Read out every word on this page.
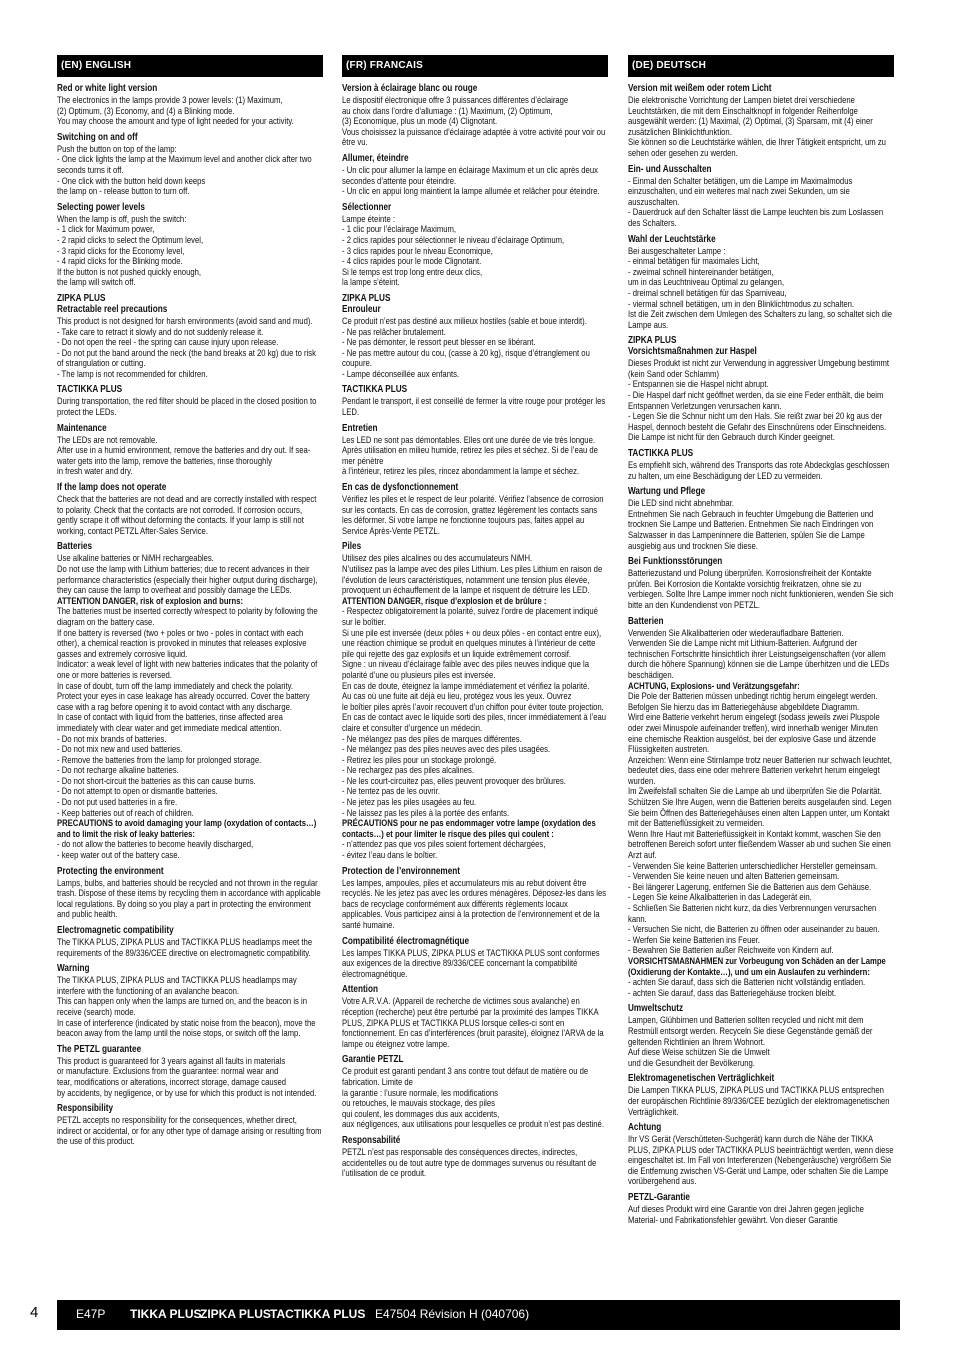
(EN) ENGLISH
Red or white light version
The electronics in the lamps provide 3 power levels: (1) Maximum,
(2) Optimum, (3) Economy, and (4) a Blinking mode.
You may choose the amount and type of light needed for your activity.
Switching on and off
Push the button on top of the lamp:
- One click lights the lamp at the Maximum level and another click after two seconds turns it off.
- One click with the button held down keeps
the lamp on - release button to turn off.
Selecting power levels
When the lamp is off, push the switch:
- 1 click for Maximum power,
- 2 rapid clicks to select the Optimum level,
- 3 rapid clicks for the Economy level,
- 4 rapid clicks for the Blinking mode.
If the button is not pushed quickly enough,
the lamp will switch off.
ZIPKA PLUS
Retractable reel precautions
This product is not designed for harsh environments (avoid sand and mud).
- Take care to retract it slowly and do not suddenly release it.
- Do not open the reel - the spring can cause injury upon release.
- Do not put the band around the neck (the band breaks at 20 kg) due to risk of strangulation or cutting.
- The lamp is not recommended for children.
TACTIKKA PLUS
During transportation, the red filter should be placed in the closed position to protect the LEDs.
Maintenance
The LEDs are not removable.
After use in a humid environment, remove the batteries and dry out. If sea-water gets into the lamp, remove the batteries, rinse thoroughly
in fresh water and dry.
If the lamp does not operate
Check that the batteries are not dead and are correctly installed with respect to polarity. Check that the contacts are not corroded. If corrosion occurs, gently scrape it off without deforming the contacts. If your lamp is still not working, contact PETZL After-Sales Service.
Batteries
Use alkaline batteries or NiMH rechargeables.
Do not use the lamp with Lithium batteries; due to recent advances in their performance characteristics (especially their higher output during discharge), they can cause the lamp to overheat and possibly damage the LEDs.
ATTENTION DANGER, risk of explosion and burns:
The batteries must be inserted correctly w/respect to polarity by following the diagram on the battery case.
If one battery is reversed (two + poles or two - poles in contact with each other), a chemical reaction is provoked in minutes that releases explosive gasses and extremely corrosive liquid.
Indicator: a weak level of light with new batteries indicates that the polarity of one or more batteries is reversed.
In case of doubt, turn off the lamp immediately and check the polarity.
Protect your eyes in case leakage has already occurred. Cover the battery case with a rag before opening it to avoid contact with any discharge.
In case of contact with liquid from the batteries, rinse affected area immediately with clear water and get immediate medical attention.
- Do not mix brands of batteries.
- Do not mix new and used batteries.
- Remove the batteries from the lamp for prolonged storage.
- Do not recharge alkaline batteries.
- Do not short-circuit the batteries as this can cause burns.
- Do not attempt to open or dismantle batteries.
- Do not put used batteries in a fire.
- Keep batteries out of reach of children.
PRECAUTIONS to avoid damaging your lamp (oxydation of contacts…) and to limit the risk of leaky batteries:
- do not allow the batteries to become heavily discharged,
- keep water out of the battery case.
Protecting the environment
Lamps, bulbs, and batteries should be recycled and not thrown in the regular trash. Dispose of these items by recycling them in accordance with applicable local regulations. By doing so you play a part in protecting the environment and public health.
Electromagnetic compatibility
The TIKKA PLUS, ZIPKA PLUS and TACTIKKA PLUS headlamps meet the requirements of the 89/336/CEE directive on electromagnetic compatibility.
Warning
The TIKKA PLUS, ZIPKA PLUS and TACTIKKA PLUS headlamps may interfere with the functioning of an avalanche beacon.
This can happen only when the lamps are turned on, and the beacon is in receive (search) mode.
In case of interference (indicated by static noise from the beacon), move the beacon away from the lamp until the noise stops, or switch off the lamp.
The PETZL guarantee
This product is guaranteed for 3 years against all faults in materials
or manufacture. Exclusions from the guarantee: normal wear and
tear, modifications or alterations, incorrect storage, damage caused
by accidents, by negligence, or by use for which this product is not intended.
Responsibility
PETZL accepts no responsibility for the consequences, whether direct, indirect or accidental, or for any other type of damage arising or resulting from the use of this product.
(FR) FRANCAIS
Version à éclairage blanc ou rouge
Le dispositif électronique offre 3 puissances différentes d’éclairage
au choix dans l’ordre d’allumage : (1) Maximum, (2) Optimum,
(3) Economique, plus un mode (4) Clignotant.
Vous choisissez la puissance d’éclairage adaptée à votre activité pour voir ou être vu.
Allumer, éteindre
- Un clic pour allumer la lampe en éclairage Maximum et un clic après deux secondes d’attente pour éteindre.
- Un clic en appui long maintient la lampe allumée et relâcher pour éteindre.
Sélectionner
Lampe éteinte :
- 1 clic pour l’éclairage Maximum,
- 2 clics rapides pour sélectionner le niveau d’éclairage Optimum,
- 3 clics rapides pour le niveau Economique,
- 4 clics rapides pour le mode Clignotant.
Si le temps est trop long entre deux clics,
la lampe s’éteint.
ZIPKA PLUS
Enrouleur
Ce produit n’est pas destiné aux milieux hostiles (sable et boue interdit).
- Ne pas relâcher brutalement.
- Ne pas démonter, le ressort peut blesser en se libérant.
- Ne pas mettre autour du cou, (casse à 20 kg), risque d’étranglement ou coupure.
- Lampe déconseillée aux enfants.
TACTIKKA PLUS
Pendant le transport, il est conseillé de fermer la vitre rouge pour protéger les LED.
Entretien
Les LED ne sont pas démontables. Elles ont une durée de vie très longue.
Après utilisation en milieu humide, retirez les piles et séchez. Si de l’eau de mer pénètre
à l’intérieur, retirez les piles, rincez abondamment la lampe et séchez.
En cas de dysfonctionnement
Vérifiez les piles et le respect de leur polarité. Vérifiez l’absence de corrosion sur les contacts. En cas de corrosion, grattez légèrement les contacts sans les déformer. Si votre lampe ne fonctionne toujours pas, faites appel au Service Après-Vente PETZL.
Piles
Utilisez des piles alcalines ou des accumulateurs NiMH.
N’utilisez pas la lampe avec des piles Lithium. Les piles Lithium en raison de l’évolution de leurs caractéristiques, notamment une tension plus élevée, provoquent un échauffement de la lampe et risquent de détruire les LED.
ATTENTION DANGER, risque d’explosion et de brûlure :
- Respectez obligatoirement la polarité, suivez l’ordre de placement indiqué sur le boîtier.
Si une pile est inversée (deux pôles + ou deux pôles - en contact entre eux), une réaction chimique se produit en quelques minutes à l’intérieur de cette pile qui rejette des gaz explosifs et un liquide extrêmement corrosif.
Signe : un niveau d’éclairage faible avec des piles neuves indique que la polarité d’une ou plusieurs piles est inversée.
En cas de doute, éteignez la lampe immédiatement et vérifiez la polarité.
Au cas où une fuite ait déjà eu lieu, protégez vous les yeux. Ouvrez
le boîtier piles après l’avoir recouvert d’un chiffon pour éviter toute projection.
En cas de contact avec le liquide sorti des piles, rincer immédiatement à l’eau claire et consulter d’urgence un médecin.
- Ne mélangez pas des piles de marques différentes.
- Ne mélangez pas des piles neuves avec des piles usagées.
- Retirez les piles pour un stockage prolongé.
- Ne rechargez pas des piles alcalines.
- Ne les court-circuitez pas, elles peuvent provoquer des brûlures.
- Ne tentez pas de les ouvrir.
- Ne jetez pas les piles usagées au feu.
- Ne laissez pas les piles à la portée des enfants.
PRÉCAUTIONS pour ne pas endommager votre lampe (oxydation des contacts…) et pour limiter le risque des piles qui coulent :
- n’attendez pas que vos piles soient fortement déchargées,
- évitez l’eau dans le boîtier.
Protection de l’environnement
Les lampes, ampoules, piles et accumulateurs mis au rebut doivent être recyclés. Ne les jetez pas avec les ordures ménagères. Déposez-les dans les bacs de recyclage conformément aux différents règlements locaux applicables. Vous participez ainsi à la protection de l’environnement et de la santé humaine.
Compatibilité électromagnétique
Les lampes TIKKA PLUS, ZIPKA PLUS et TACTIKKA PLUS sont conformes aux exigences de la directive 89/336/CEE concernant la compatibilité électromagnétique.
Attention
Votre A.R.V.A. (Appareil de recherche de victimes sous avalanche) en réception (recherche) peut être perturbé par la proximité des lampes TIKKA PLUS, ZIPKA PLUS et TACTIKKA PLUS lorsque celles-ci sont en fonctionnement. En cas d’interférences (bruit parasite), éloignez l’ARVA de la lampe ou éteignez votre lampe.
Garantie PETZL
Ce produit est garanti pendant 3 ans contre tout défaut de matière ou de fabrication. Limite de
la garantie : l’usure normale, les modifications
ou retouches, le mauvais stockage, des piles
qui coulent, les dommages dus aux accidents,
aux négligences, aux utilisations pour lesquelles ce produit n’est pas destiné.
Responsabilité
PETZL n’est pas responsable des conséquences directes, indirectes, accidentelles ou de tout autre type de dommages survenus ou résultant de l’utilisation de ce produit.
(DE) DEUTSCH
Version mit weißem oder rotem Licht
Die elektronische Vorrichtung der Lampen bietet drei verschiedene Leuchtstärken, die mit dem Einschaltknopf in folgender Reihenfolge ausgewählt werden: (1) Maximal, (2) Optimal, (3) Sparsam, mit (4) einer zusätzlichen Blinklichtfunktion.
Sie können so die Leuchtstärke wählen, die Ihrer Tätigkeit entspricht, um zu sehen oder gesehen zu werden.
Ein- und Ausschalten
- Einmal den Schalter betätigen, um die Lampe im Maximalmodus einzuschalten, und ein weiteres mal nach zwei Sekunden, um sie auszuschalten.
- Dauerdruck auf den Schalter lässt die Lampe leuchten bis zum Loslassen des Schalters.
Wahl der Leuchtstärke
Bei ausgeschalteter Lampe :
- einmal betätigen für maximales Licht,
- zweimal schnell hintereinander betätigen,
um in das Leuchtniveau Optimal zu gelangen,
- dreimal schnell betätigen für das Sparniveau,
- viermal schnell betätigen, um in den Blinklichtmodus zu schalten.
Ist die Zeit zwischen dem Umlegen des Schalters zu lang, so schaltet sich die Lampe aus.
ZIPKA PLUS
Vorsichtsmaßnahmen zur Haspel
Dieses Produkt ist nicht zur Verwendung in aggressiver Umgebung bestimmt (kein Sand oder Schlamm)
- Entspannen sie die Haspel nicht abrupt.
- Die Haspel darf nicht geöffnet werden, da sie eine Feder enthält, die beim Entspannen Verletzungen verursachen kann.
- Legen Sie die Schnur nicht um den Hals. Sie reißt zwar bei 20 kg aus der Haspel, dennoch besteht die Gefahr des Einschnürens oder Einschneidens. Die Lampe ist nicht für den Gebrauch durch Kinder geeignet.
TACTIKKA PLUS
Es empfiehlt sich, während des Transports das rote Abdeckglas geschlossen zu halten, um eine Beschädigung der LED zu vermeiden.
Wartung und Pflege
Die LED sind nicht abnehmbar.
Entnehmen Sie nach Gebrauch in feuchter Umgebung die Batterien und trocknen Sie Lampe und Batterien. Entnehmen Sie nach Eindringen von Salzwasser in das Lampeninnere die Batterien, spülen Sie die Lampe ausgiebig aus und trocknen Sie diese.
Bei Funktionsstörungen
Batteriezustand und Polung überprüfen. Korrosionsfreiheit der Kontakte prüfen. Bei Korrosion die Kontakte vorsichtig freikratzen, ohne sie zu verbiegen. Sollte Ihre Lampe immer noch nicht funktionieren, wenden Sie sich bitte an den Kundendienst von PETZL.
Batterien
Verwenden Sie Alkalibatterien oder wiederaufladbare Batterien.
Verwenden Sie die Lampe nicht mit Lithium-Batterien. Aufgrund der technischen Fortschritte hinsichtlich ihrer Leistungseigenschaften (vor allem durch die höhere Spannung) können sie die Lampe überhitzen und die LEDs beschädigen.
ACHTUNG, Explosions- und Verätzungsgefahr:
Die Pole der Batterien müssen unbedingt richtig herum eingelegt werden. Befolgen Sie hierzu das im Batteriegehäuse abgebildete Diagramm.
Wird eine Batterie verkehrt herum eingelegt (sodass jeweils zwei Pluspole oder zwei Minuspole aufeinander treffen), wird innerhalb weniger Minuten eine chemische Reaktion ausgelöst, bei der explosive Gase und ätzende Flüssigkeiten austreten.
Anzeichen: Wenn eine Stirnlampe trotz neuer Batterien nur schwach leuchtet, bedeutet dies, dass eine oder mehrere Batterien verkehrt herum eingelegt wurden.
Im Zweifelsfall schalten Sie die Lampe ab und überprüfen Sie die Polarität.
Schützen Sie Ihre Augen, wenn die Batterien bereits ausgelaufen sind. Legen Sie beim Öffnen des Batteriegehäuses einen alten Lappen unter, um Kontakt mit der Batterieflüssigkeit zu vermeiden.
Wenn Ihre Haut mit Batterieflüssigkeit in Kontakt kommt, waschen Sie den betroffenen Bereich sofort unter fließendem Wasser ab und suchen Sie einen Arzt auf.
- Verwenden Sie keine Batterien unterschiedlicher Hersteller gemeinsam.
- Verwenden Sie keine neuen und alten Batterien gemeinsam.
- Bei längerer Lagerung, entfernen Sie die Batterien aus dem Gehäuse.
- Legen Sie keine Alkalibatterien in das Ladegerät ein.
- Schließen Sie Batterien nicht kurz, da dies Verbrennungen verursachen kann.
- Versuchen Sie nicht, die Batterien zu öffnen oder auseinander zu bauen.
- Werfen Sie keine Batterien ins Feuer.
- Bewahren Sie Batterien außer Reichweite von Kindern auf.
VORSICHTSMAßNAHMEN zur Vorbeugung von Schäden an der Lampe (Oxidierung der Kontakte…), und um ein Auslaufen zu verhindern:
- achten Sie darauf, dass sich die Batterien nicht vollständig entladen.
- achten Sie darauf, dass das Batteriegehäuse trocken bleibt.
Umweltschutz
Lampen, Glühbirnen und Batterien sollten recycled und nicht mit dem Restmüll entsorgt werden. Recyceln Sie diese Gegenstände gemäß der geltenden Richtlinien an Ihrem Wohnort.
Auf diese Weise schützen Sie die Umwelt
und die Gesundheit der Bevölkerung.
Elektromagenetischen Verträglichkeit
Die Lampen TIKKA PLUS, ZIPKA PLUS und TACTIKKA PLUS entsprechen der europäischen Richtlinie 89/336/CEE bezüglich der elektromagenetischen Verträglichkeit.
Achtung
Ihr VS Gerät (Verschütteten-Suchgerät) kann durch die Nähe der TIKKA PLUS, ZIPKA PLUS oder TACTIKKA PLUS beeinträchtigt werden, wenn diese eingeschaltet ist. Im Fall von Interferenzen (Nebengeräusche) vergrößern Sie die Entfernung zwischen VS-Gerät und Lampe, oder schalten Sie die Lampe vorübergehend aus.
PETZL-Garantie
Auf dieses Produkt wird eine Garantie von drei Jahren gegen jegliche Material- und Fabrikationsfehler gewährt. Von dieser Garantie
4	E47P TIKKA PLUS
ZIPKA PLUS TACTIKKA PLUS E47504 Révision H (040706)
